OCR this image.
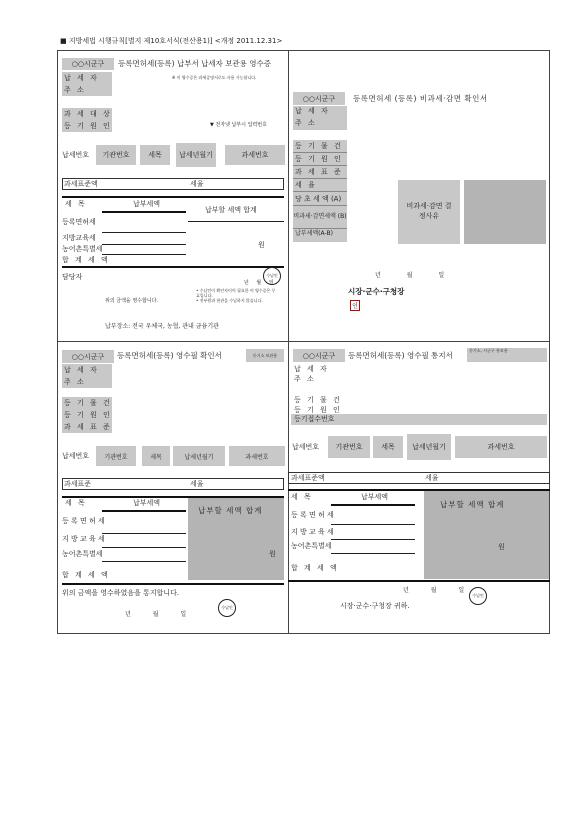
■ 지방세법 시행규칙[별지 제10호서식(전산용1)] <개정 2011.12.31>
○○시군구	등록면허세(등록) 납부서 납세자 보관용 영수증
납 세 자
주 소
※ 이 영수증은 과세증명서로도 사용 가능합니다.
과 세 대 상
등 기 원 인	▼ 전자넷 납부시 입력번호
납세번호	기관번호	세목	납세년월기	과세번호
과세표준액	세율
세 목	납부세액
납부할 세액 합계
등록면허세
지방교육세
농어촌특별세
합 계 세 액
원
담당자	수납인
년 월 일
위의 금액을 영수합니다.
• 수납인이 확인자이어 필요한 이 영수증은 무효입니다.
• 전부원과 현관을 수납하지 않습니다.
납부장소: 전국 우체국, 농협, 관내 금융기관
○○시군구	등록면허세 (등록) 비과세·감면 확인서
납 세 자
주 소
등 기 물 건
등 기 원 인
과 세 표 준
세 율
당 초 세 액 (A)
비과세·감면세액 (B)
납부세액(A-B)
비과세·감면 결정사유
년 월 일
시장·군수·구청장
인
○○시군구	등록면허세(등록) 영수필 확인서	등기소 보관용
납 세 자
주 소
등 기 물 건
등 기 원 인
과 세 표 준
납세번호	기관번호	세목	납세년월기	과세번호
과세표준	세율
세 목	납부세액
납부할 세액 합계
등 록 면 허 세
지 방 교 육 세
농어촌특별세
합 계 세 액
원
위의 금액을 영수하였음을 통지합니다.
수납인
년 월 일
○○시군구	등록면허세(등록) 영수필 통지서
등기소, 시군구 통보용
납 세 자
주 소
등 기 물 건
등 기 원 인
등기접수번호
납세번호	기관번호	세목	납세년월기	과세번호
과세표준액	세율
세 목	납부세액
납부할 세액 합계
등 록 면 허 세
지 방 교 육 세
농어촌특별세
합 계 세 액
원
년 월 일
수납인
시장·군수·구청장 귀하.
